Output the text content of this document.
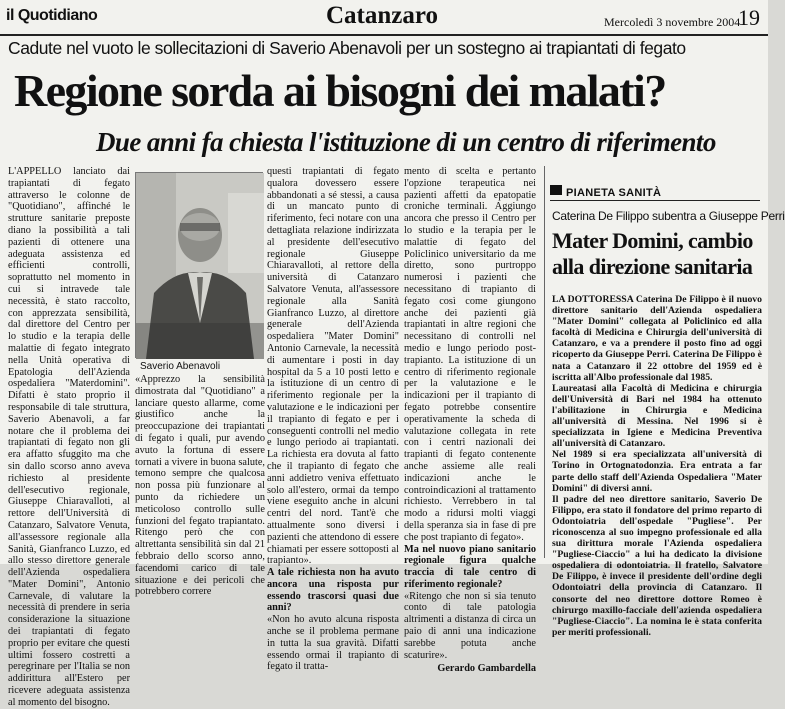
il Quotidiano	Catanzaro	Mercoledì 3 novembre 2004
19
Cadute nel vuoto le sollecitazioni di Saverio Abenavoli per un sostegno ai trapiantati di fegato
Regione sorda ai bisogni dei malati?
Due anni fa chiesta l'istituzione di un centro di riferimento

L'APPELLO lanciato dai trapiantati di fegato attraverso le colonne de "Quotidiano", affinché le strutture sanitarie preposte diano la possibilità a tali pazienti di ottenere una adeguata assistenza ed efficienti controlli, soprattutto nel momento in cui si intravede tale necessità, è stato raccolto, con apprezzata sensibilità, dal direttore del Centro per lo studio e la terapia delle malattie di fegato integrato nella Unità operativa di Epatologia dell'Azienda ospedaliera "Materdomini". Difatti è stato proprio il responsabile di tale struttura, Saverio Abenavoli, a far notare che il problema dei trapiantati di fegato non gli era affatto sfuggito ma che sin dallo scorso anno aveva richiesto al presidente dell'esecutivo regionale, Giuseppe Chiaravalloti, al rettore dell'Università di Catanzaro, Salvatore Venuta, all'assessore regionale alla Sanità, Gianfranco Luzzo, ed allo stesso direttore generale dell'Azienda ospedaliera "Mater Domini", Antonio Carnevale, di valutare la necessità di prendere in seria considerazione la situazione dei trapiantati di fegato proprio per evitare che questi ultimi fossero costretti a peregrinare per l'Italia se non addirittura all'Estero per ricevere adeguata assistenza al momento del bisogno.

Saverio Abenavoli

«Apprezzo la sensibilità dimostrata dal "Quotidiano" a lanciare questo allarme, come giustifico anche la preoccupazione dei trapiantati di fegato i quali, pur avendo avuto la fortuna di essere tornati a vivere in buona salute, temono sempre che qualcosa non possa più funzionare al punto da richiedere un meticoloso controllo sulle funzioni del fegato trapiantato. Ritengo però che con altrettanta sensibilità sin dal 21 febbraio dello scorso anno, facendomi carico di tale situazione e dei pericoli che potrebbero correre

questi trapiantati di fegato qualora dovessero essere abbandonati a sé stessi, a causa di un mancato punto di riferimento, feci notare con una dettagliata relazione indirizzata al presidente dell'esecutivo regionale Giuseppe Chiaravalloti, al rettore della università di Catanzaro Salvatore Venuta, all'assessore regionale alla Sanità Gianfranco Luzzo, al direttore generale dell'Azienda ospedaliera "Mater Domini" Antonio Carnevale, la necessità di aumentare i posti in day hospital da 5 a 10 posti letto e la istituzione di un centro di riferimento regionale per la valutazione e le indicazioni per il trapianto di fegato e per i conseguenti controlli nel medio e lungo periodo ai trapiantati. La richiesta era dovuta al fatto che il trapianto di fegato che anni addietro veniva effettuato solo all'estero, ormai da tempo viene eseguito anche in alcuni centri del nord. Tant'è che attualmente sono diversi i pazienti che attendono di essere chiamati per essere sottoposti al trapianto».

A tale richiesta non ha avuto ancora una risposta pur essendo trascorsi quasi due anni?

«Non ho avuto alcuna risposta anche se il problema permane in tutta la sua gravità. Difatti essendo ormai il trapianto di fegato il tratta-

mento di scelta e pertanto l'opzione terapeutica nei pazienti affetti da epatopatie croniche terminali. Aggiungo ancora che presso il Centro per lo studio e la terapia per le malattie di fegato del Policlinico universitario da me diretto, sono purtroppo numerosi i pazienti che necessitano di trapianto di fegato così come giungono anche dei pazienti già trapiantati in altre regioni che necessitano di controlli nel medio e lungo periodo post-trapianto. La istituzione di un centro di riferimento regionale per la valutazione e le indicazioni per il trapianto di fegato potrebbe consentire operativamente la scheda di valutazione collegata in rete con i centri nazionali dei trapianti di fegato contenente anche assieme alle reali indicazioni anche le controindicazioni al trattamento richiesto. Verrebbero in tal modo a ridursi molti viaggi della speranza sia in fase di pre che post trapianto di fegato».

Ma nel nuovo piano sanitario regionale figura qualche traccia di tale centro di riferimento regionale?

«Ritengo che non si sia tenuto conto di tale patologia altrimenti a distanza di circa un paio di anni una indicazione sarebbe potuta anche scaturire».

Gerardo Gambardella

PIANETA SANITÀ
Caterina De Filippo subentra a Giuseppe Perri
Mater Domini, cambio alla direzione sanitaria

LA DOTTORESSA Caterina De Filippo è il nuovo direttore sanitario dell'Azienda ospedaliera "Mater Domini" collegata al Policlinico ed alla facoltà di Medicina e Chirurgia dell'università di Catanzaro, e va a prendere il posto fino ad oggi ricoperto da Giuseppe Perri. Caterina De Filippo è nata a Catanzaro il 22 ottobre del 1959 ed è iscritta all'Albo professionale dal 1985.

Laureatasi alla Facoltà di Medicina e chirurgia dell'Università di Bari nel 1984 ha ottenuto l'abilitazione in Chirurgia e Medicina all'università di Messina. Nel 1996 si è specializzata in Igiene e Medicina Preventiva all'università di Catanzaro.

Nel 1989 si era specializzata all'università di Torino in Ortognatodonzia. Era entrata a far parte dello staff dell'Azienda Ospedaliera "Mater Domini" di diversi anni.

Il padre del neo direttore sanitario, Saverio De Filippo, era stato il fondatore del primo reparto di Odontoiatria dell'ospedale "Pugliese". Per riconoscenza al suo impegno professionale ed alla sua dirittura morale l'Azienda ospedaliera "Pugliese-Ciaccio" a lui ha dedicato la divisione ospedaliera di odontoiatria. Il fratello, Salvatore De Filippo, è invece il presidente dell'ordine degli Odontoiatri della provincia di Catanzaro. Il consorte del neo direttore dottore Romeo è chirurgo maxillo-facciale dell'azienda ospedaliera "Pugliese-Ciaccio". La nomina le è stata conferita per meriti professionali.
